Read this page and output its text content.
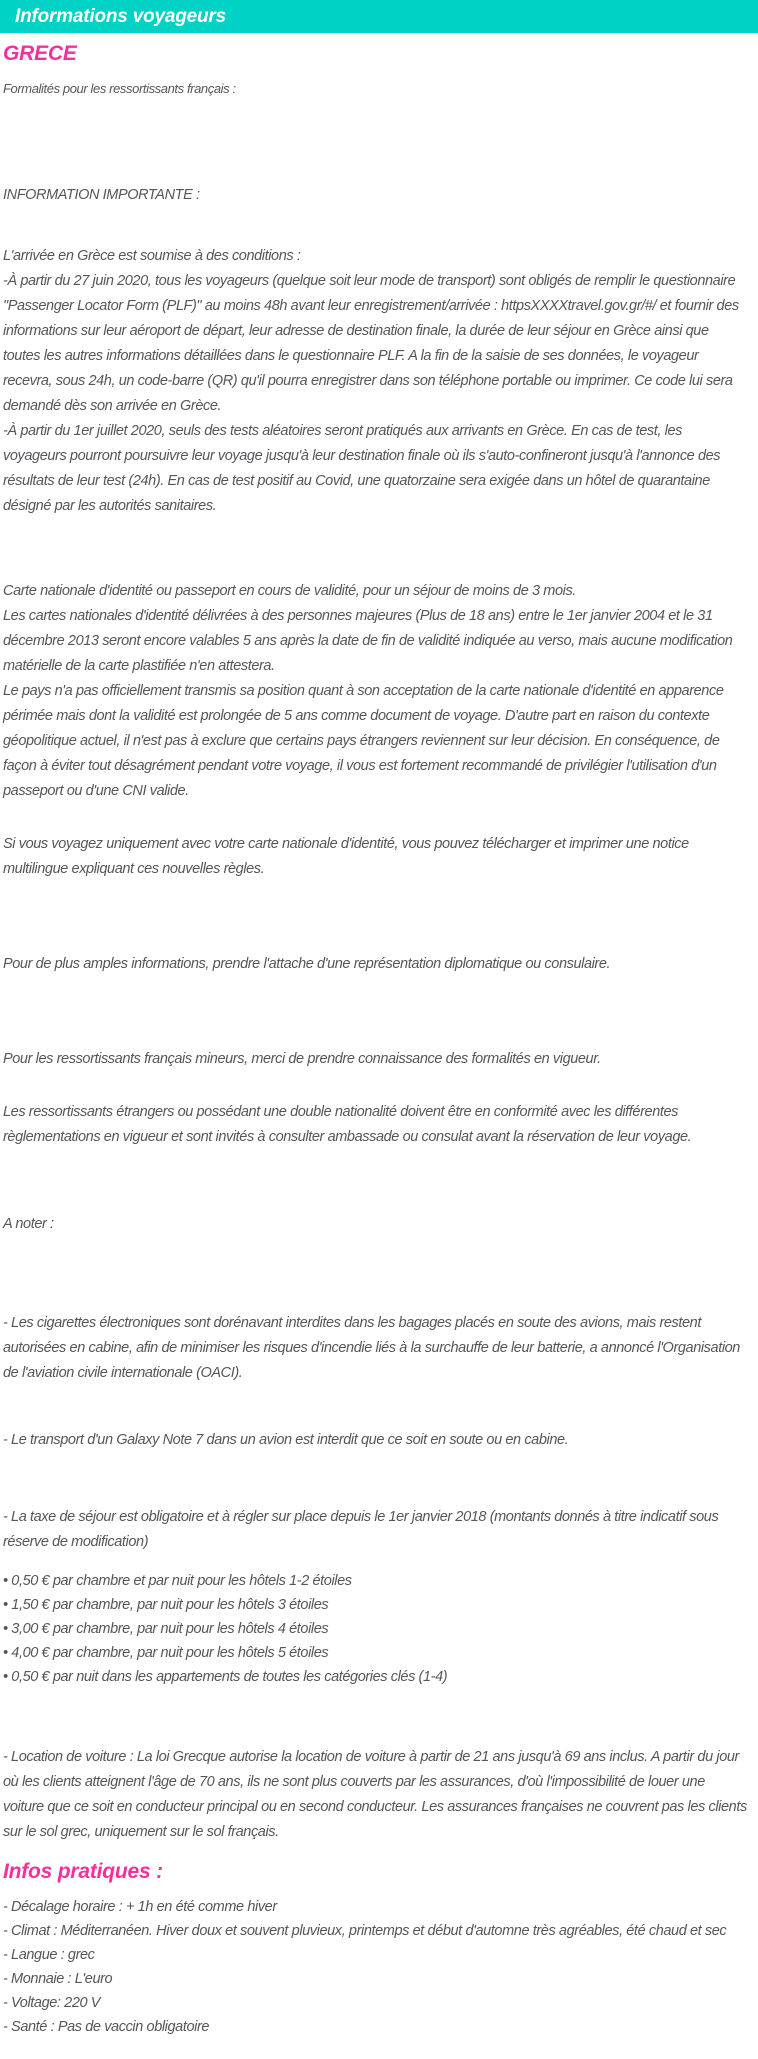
Informations voyageurs
GRECE

Formalités pour les ressortissants français :

INFORMATION IMPORTANTE :

L'arrivée en Grèce est soumise à des conditions :

-À partir du 27 juin 2020, tous les voyageurs (quelque soit leur mode de transport) sont obligés de remplir le questionnaire "Passenger Locator Form (PLF)" au moins 48h avant leur enregistrement/arrivée : httpsXXXXtravel.gov.gr/#/ et fournir des informations sur leur aéroport de départ, leur adresse de destination finale, la durée de leur séjour en Grèce ainsi que toutes les autres informations détaillées dans le questionnaire PLF. A la fin de la saisie de ses données, le voyageur recevra, sous 24h, un code-barre (QR) qu'il pourra enregistrer dans son téléphone portable ou imprimer. Ce code lui sera demandé dès son arrivée en Grèce.

-À partir du 1er juillet 2020, seuls des tests aléatoires seront pratiqués aux arrivants en Grèce. En cas de test, les voyageurs pourront poursuivre leur voyage jusqu'à leur destination finale où ils s'auto-confineront jusqu'à l'annonce des résultats de leur test (24h). En cas de test positif au Covid, une quatorzaine sera exigée dans un hôtel de quarantaine désigné par les autorités sanitaires.

Carte nationale d'identité ou passeport en cours de validité, pour un séjour de moins de 3 mois.

Les cartes nationales d'identité délivrées à des personnes majeures (Plus de 18 ans) entre le 1er janvier 2004 et le 31 décembre 2013 seront encore valables 5 ans après la date de fin de validité indiquée au verso, mais aucune modification matérielle de la carte plastifiée n'en attestera.

Le pays n'a pas officiellement transmis sa position quant à son acceptation de la carte nationale d'identité en apparence périmée mais dont la validité est prolongée de 5 ans comme document de voyage. D'autre part en raison du contexte géopolitique actuel, il n'est pas à exclure que certains pays étrangers reviennent sur leur décision. En conséquence, de façon à éviter tout désagrément pendant votre voyage, il vous est fortement recommandé de privilégier l'utilisation d'un passeport ou d'une CNI valide.

Si vous voyagez uniquement avec votre carte nationale d'identité, vous pouvez télécharger et imprimer une notice multilingue expliquant ces nouvelles règles.

Pour de plus amples informations, prendre l'attache d'une représentation diplomatique ou consulaire.

Pour les ressortissants français mineurs, merci de prendre connaissance des formalités en vigueur.

Les ressortissants étrangers ou possédant une double nationalité doivent être en conformité avec les différentes règlementations en vigueur et sont invités à consulter ambassade ou consulat avant la réservation de leur voyage.

A noter :

- Les cigarettes électroniques sont dorénavant interdites dans les bagages placés en soute des avions, mais restent autorisées en cabine, afin de minimiser les risques d'incendie liés à la surchauffe de leur batterie, a annoncé l'Organisation de l'aviation civile internationale (OACI).

- Le transport d'un Galaxy Note 7 dans un avion est interdit que ce soit en soute ou en cabine.

- La taxe de séjour est obligatoire et à régler sur place depuis le 1er janvier 2018 (montants donnés à titre indicatif sous réserve de modification)

• 0,50 € par chambre et par nuit pour les hôtels 1-2 étoiles
• 1,50 € par chambre, par nuit pour les hôtels 3 étoiles
• 3,00 € par chambre, par nuit pour les hôtels 4 étoiles
• 4,00 € par chambre, par nuit pour les hôtels 5 étoiles
• 0,50 € par nuit dans les appartements de toutes les catégories clés (1-4)

- Location de voiture : La loi Grecque autorise la location de voiture à partir de 21 ans jusqu'à 69 ans inclus. A partir du jour où les clients atteignent l'âge de 70 ans, ils ne sont plus couverts par les assurances, d'où l'impossibilité de louer une voiture que ce soit en conducteur principal ou en second conducteur. Les assurances françaises ne couvrent pas les clients sur le sol grec, uniquement sur le sol français.

Infos pratiques :
- Décalage horaire : + 1h en été comme hiver
- Climat : Méditerranéen. Hiver doux et souvent pluvieux, printemps et début d'automne très agréables, été chaud et sec
- Langue : grec
- Monnaie : L'euro
- Voltage: 220 V
- Santé : Pas de vaccin obligatoire
